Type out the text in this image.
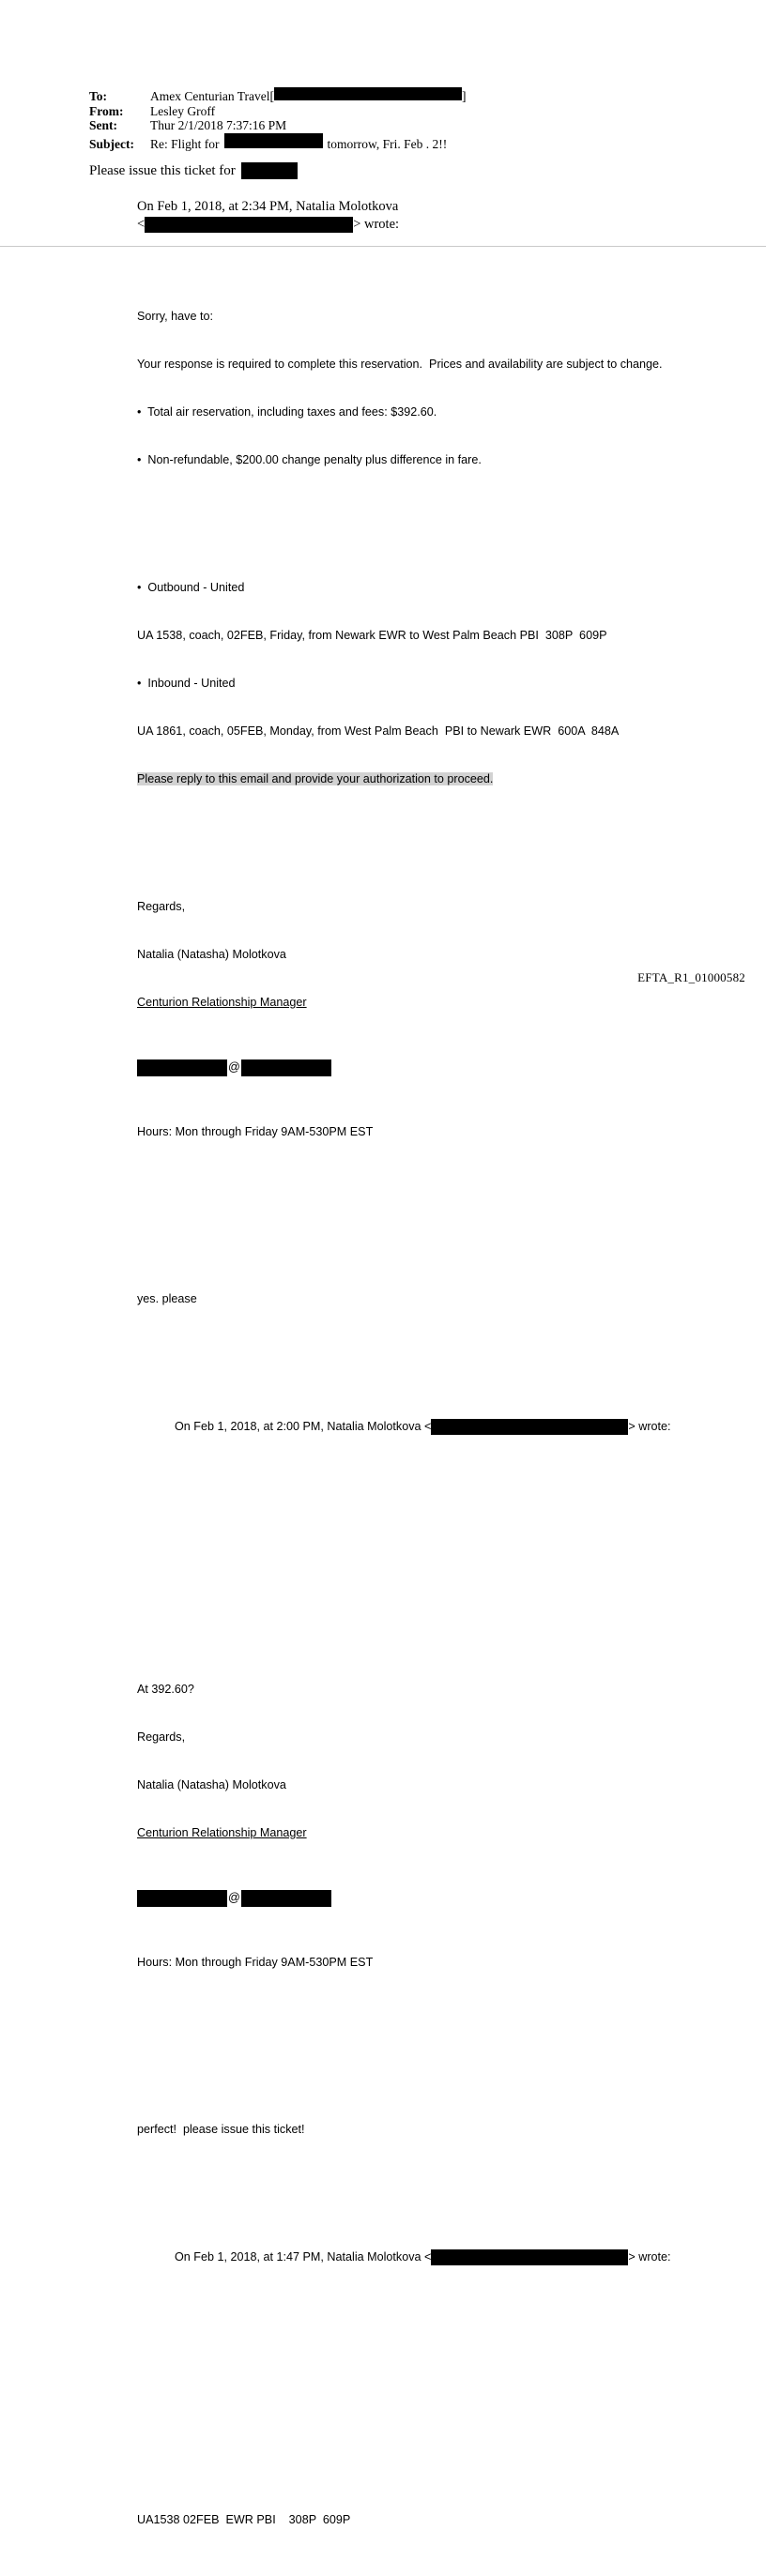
To:	Amex Centurian Travel[	]
From:	Lesley Groff
Sent:	Thur 2/1/2018 7:37:16 PM
Subject:	Re: Flight for	tomorrow, Fri. Feb . 2!!
Please issue this ticket for
On Feb 1, 2018, at 2:34 PM, Natalia Molotkova
<	> wrote:

Sorry, have to:

Your response is required to complete this reservation.  Prices and availability are subject to change.

•  Total air reservation, including taxes and fees: $392.60.

•  Non-refundable, $200.00 change penalty plus difference in fare.

•  Outbound - United

UA 1538, coach, 02FEB, Friday, from Newark EWR to West Palm Beach PBI  308P  609P

•  Inbound - United

UA 1861, coach, 05FEB, Monday, from West Palm Beach  PBI to Newark EWR  600A  848A

Please reply to this email and provide your authorization to proceed.

Regards,

Natalia (Natasha) Molotkova

Centurion Relationship Manager

@

Hours: Mon through Friday 9AM-530PM EST

yes. please

On Feb 1, 2018, at 2:00 PM, Natalia Molotkova <	> wrote:

At 392.60?

Regards,

Natalia (Natasha) Molotkova

Centurion Relationship Manager

@

Hours: Mon through Friday 9AM-530PM EST

perfect!  please issue this ticket!

On Feb 1, 2018, at 1:47 PM, Natalia Molotkova <	> wrote:

UA1538 02FEB  EWR PBI    308P  609P

EFTA_R1_01000582
